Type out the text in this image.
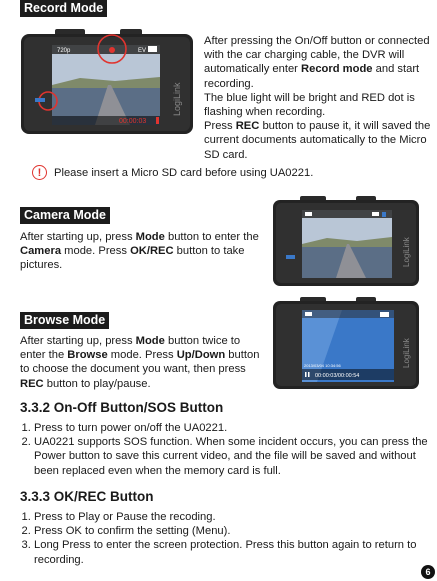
Record Mode
720p	EV
00:00:03
LogiLink
After pressing the On/Off button or connected with the car charging cable, the DVR will automatically enter Record mode and start recording.
The blue light will be bright and RED dot is flashing when recording.
Press REC button to pause it, it will saved the current documents automatically to the Micro SD card.
!	Please insert a Micro SD card before using UA0221.
Camera Mode
After starting up, press Mode button to enter the Camera mode. Press OK/REC button to take pictures.	LogiLink
Browse Mode
After starting up, press Mode button twice to enter the Browse mode. Press Up/Down button to choose the document you want, then press REC button to play/pause.
2013/03/04 10:34:56
00:00:03/00:00:54
LogiLink
3.3.2 On-Off Button/SOS Button
1. Press to turn power on/off the UA0221.
2. UA0221 supports SOS function. When some incident occurs, you can press the Power button to save this current video, and the file will be saved and without been replaced even when the memory card is full.
3.3.3 OK/REC Button
1. Press to Play or Pause the recoding.
2. Press OK to confirm the setting (Menu).
3. Long Press to enter the screen protection. Press this button again to return to recording.
6
